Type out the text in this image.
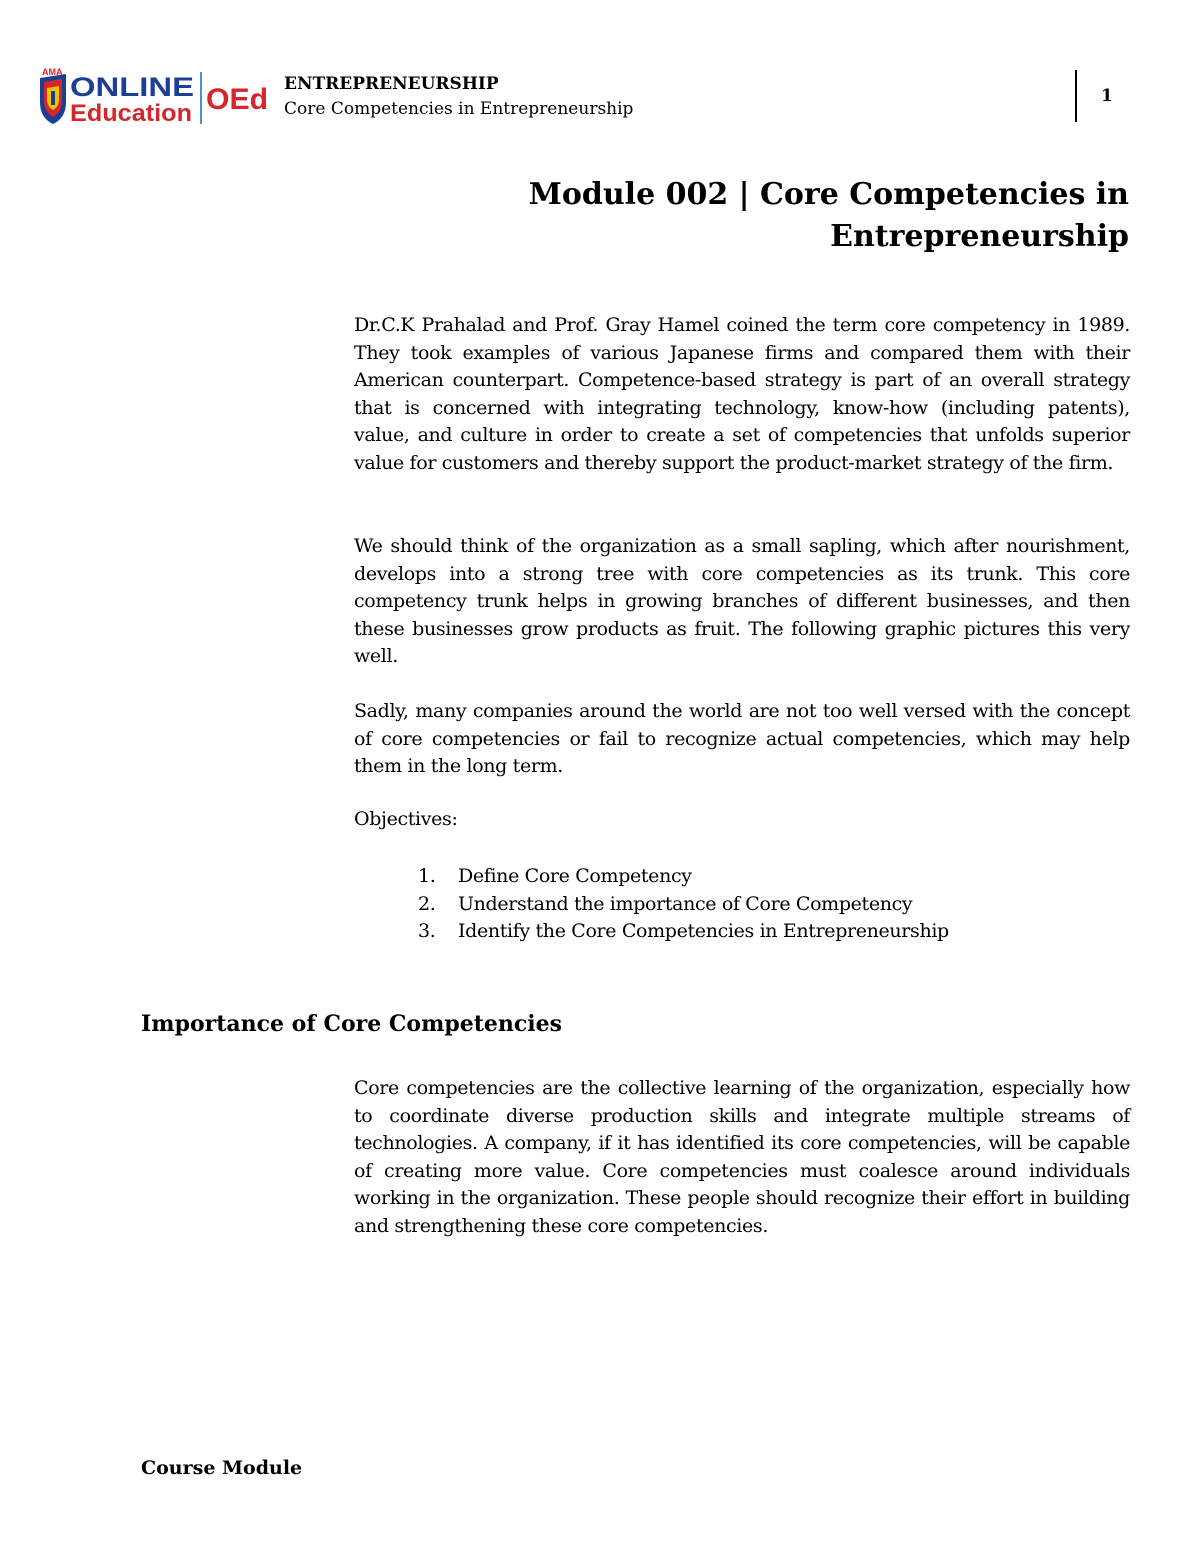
AMA ONLINE
Education OEd ENTREPRENEURSHIP
Core Competencies in Entrepreneurship
1
Module 002 | Core Competencies in
Entrepreneurship

Dr.C.K Prahalad and Prof. Gray Hamel coined the term core competency in 1989. They took examples of various Japanese firms and compared them with their American counterpart. Competence-based strategy is part of an overall strategy that is concerned with integrating technology, know-how (including patents), value, and culture in order to create a set of competencies that unfolds superior value for customers and thereby support the product-market strategy of the firm.

We should think of the organization as a small sapling, which after nourishment, develops into a strong tree with core competencies as its trunk. This core competency trunk helps in growing branches of different businesses, and then these businesses grow products as fruit. The following graphic pictures this very well.

Sadly, many companies around the world are not too well versed with the concept of core competencies or fail to recognize actual competencies, which may help them in the long term.

Objectives:
1. Define Core Competency
2. Understand the importance of Core Competency
3. Identify the Core Competencies in Entrepreneurship
Importance of Core Competencies

Core competencies are the collective learning of the organization, especially how to coordinate diverse production skills and integrate multiple streams of technologies. A company, if it has identified its core competencies, will be capable of creating more value. Core competencies must coalesce around individuals working in the organization. These people should recognize their effort in building and strengthening these core competencies.

Course Module
